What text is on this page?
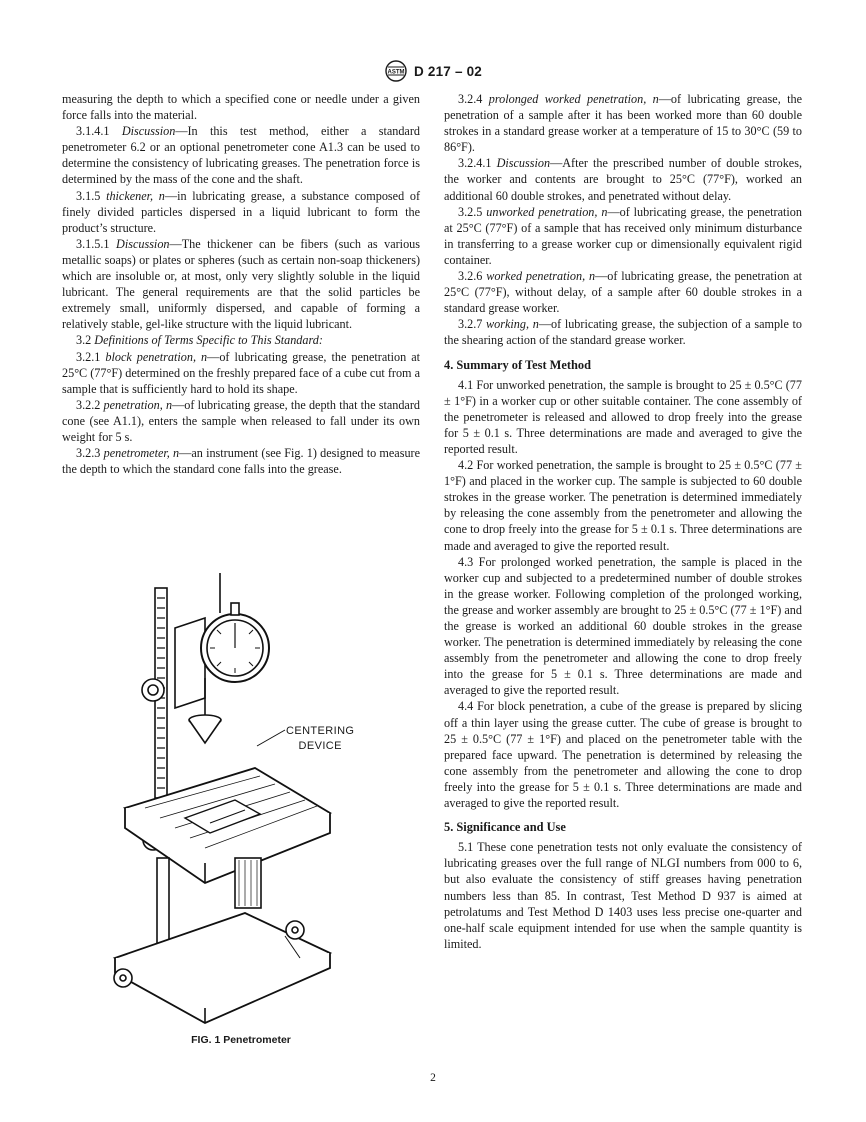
ASTM D 217 – 02

measuring the depth to which a specified cone or needle under a given force falls into the material.

3.1.4.1 Discussion—In this test method, either a standard penetrometer 6.2 or an optional penetrometer cone A1.3 can be used to determine the consistency of lubricating greases. The penetration force is determined by the mass of the cone and the shaft.

3.1.5 thickener, n—in lubricating grease, a substance composed of finely divided particles dispersed in a liquid lubricant to form the product’s structure.

3.1.5.1 Discussion—The thickener can be fibers (such as various metallic soaps) or plates or spheres (such as certain non-soap thickeners) which are insoluble or, at most, only very slightly soluble in the liquid lubricant. The general requirements are that the solid particles be extremely small, uniformly dispersed, and capable of forming a relatively stable, gel-like structure with the liquid lubricant.

3.2 Definitions of Terms Specific to This Standard:

3.2.1 block penetration, n—of lubricating grease, the penetration at 25°C (77°F) determined on the freshly prepared face of a cube cut from a sample that is sufficiently hard to hold its shape.

3.2.2 penetration, n—of lubricating grease, the depth that the standard cone (see A1.1), enters the sample when released to fall under its own weight for 5 s.

3.2.3 penetrometer, n—an instrument (see Fig. 1) designed to measure the depth to which the standard cone falls into the grease.

3.2.4 prolonged worked penetration, n—of lubricating grease, the penetration of a sample after it has been worked more than 60 double strokes in a standard grease worker at a temperature of 15 to 30°C (59 to 86°F).

3.2.4.1 Discussion—After the prescribed number of double strokes, the worker and contents are brought to 25°C (77°F), worked an additional 60 double strokes, and penetrated without delay.

3.2.5 unworked penetration, n—of lubricating grease, the penetration at 25°C (77°F) of a sample that has received only minimum disturbance in transferring to a grease worker cup or dimensionally equivalent rigid container.

3.2.6 worked penetration, n—of lubricating grease, the penetration at 25°C (77°F), without delay, of a sample after 60 double strokes in a standard grease worker.

3.2.7 working, n—of lubricating grease, the subjection of a sample to the shearing action of the standard grease worker.

4. Summary of Test Method

4.1 For unworked penetration, the sample is brought to 25 ± 0.5°C (77 ± 1°F) in a worker cup or other suitable container. The cone assembly of the penetrometer is released and allowed to drop freely into the grease for 5 ± 0.1 s. Three determinations are made and averaged to give the reported result.

4.2 For worked penetration, the sample is brought to 25 ± 0.5°C (77 ± 1°F) and placed in the worker cup. The sample is subjected to 60 double strokes in the grease worker. The penetration is determined immediately by releasing the cone assembly from the penetrometer and allowing the cone to drop freely into the grease for 5 ± 0.1 s. Three determinations are made and averaged to give the reported result.

4.3 For prolonged worked penetration, the sample is placed in the worker cup and subjected to a predetermined number of double strokes in the grease worker. Following completion of the prolonged working, the grease and worker assembly are brought to 25 ± 0.5°C (77 ± 1°F) and the grease is worked an additional 60 double strokes in the grease worker. The penetration is determined immediately by releasing the cone assembly from the penetrometer and allowing the cone to drop freely into the grease for 5 ± 0.1 s. Three determinations are made and averaged to give the reported result.

4.4 For block penetration, a cube of the grease is prepared by slicing off a thin layer using the grease cutter. The cube of grease is brought to 25 ± 0.5°C (77 ± 1°F) and placed on the penetrometer table with the prepared face upward. The penetration is determined by releasing the cone assembly from the penetrometer and allowing the cone to drop freely into the grease for 5 ± 0.1 s. Three determinations are made and averaged to give the reported result.

5. Significance and Use

5.1 These cone penetration tests not only evaluate the consistency of lubricating greases over the full range of NLGI numbers from 000 to 6, but also evaluate the consistency of stiff greases having penetration numbers less than 85. In contrast, Test Method D 937 is aimed at petrolatums and Test Method D 1403 uses less precise one-quarter and one-half scale equipment intended for use when the sample quantity is limited.

CENTERING
DEVICE
FIG. 1 Penetrometer
2
